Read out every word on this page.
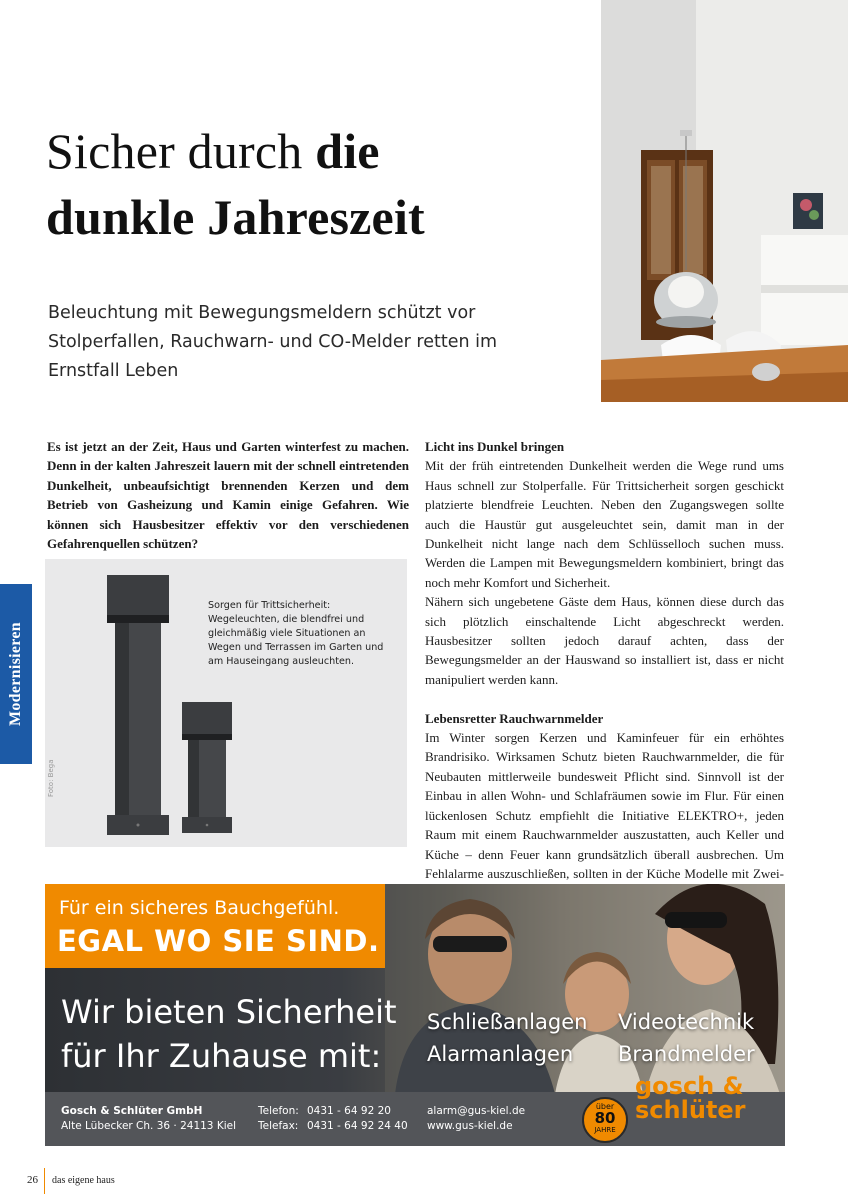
Sicher durch die
dunkle Jahreszeit
Beleuchtung mit Bewegungsmeldern schützt vor Stolperfallen, Rauchwarn- und CO-Melder retten im Ernstfall Leben
Es ist jetzt an der Zeit, Haus und Garten winterfest zu machen. Denn in der kalten Jahreszeit lauern mit der schnell eintretenden Dunkelheit, unbeaufsichtigt brennenden Kerzen und dem Betrieb von Gasheizung und Kamin einige Gefahren. Wie können sich Hausbesitzer effektiv vor den verschiedenen Gefahrenquellen schützen?
Modernisieren
Sorgen für Trittsicherheit: Wegeleuchten, die blendfrei und gleichmäßig viele Situationen an Wegen und Terrassen im Garten und am Hauseingang ausleuchten.
Foto: Bega
Licht ins Dunkel bringen

Mit der früh eintretenden Dunkelheit werden die Wege rund ums Haus schnell zur Stolperfalle. Für Trittsicherheit sorgen geschickt platzierte blendfreie Leuchten. Neben den Zugangswegen sollte auch die Haustür gut ausgeleuchtet sein, damit man in der Dunkelheit nicht lange nach dem Schlüsselloch suchen muss. Werden die Lampen mit Bewegungsmeldern kombiniert, bringt das noch mehr Komfort und Sicherheit.

Nähern sich ungebetene Gäste dem Haus, können diese durch das sich plötzlich einschaltende Licht abgeschreckt werden. Hausbesitzer sollten jedoch darauf achten, dass der Bewegungsmelder an der Hauswand so installiert ist, dass er nicht manipuliert werden kann.

Lebensretter Rauchwarnmelder

Im Winter sorgen Kerzen und Kaminfeuer für ein erhöhtes Brandrisiko. Wirksamen Schutz bieten Rauchwarnmelder, die für Neubauten mittlerweile bundesweit Pflicht sind. Sinnvoll ist der Einbau in allen Wohn- und Schlafräumen sowie im Flur. Für einen lückenlosen Schutz empfiehlt die Initiative ELEKTRO+, jeden Raum mit einem Rauchwarnmelder auszustatten, auch Keller und Küche – denn Feuer kann grundsätzlich überall ausbrechen. Um Fehlalarme auszuschließen, sollten in der Küche Modelle mit Zwei-

Für ein sicheres Bauchgefühl.
EGAL WO SIE SIND.
Wir bieten Sicherheit
für Ihr Zuhause mit:
Schließanlagen Videotechnik
Alarmanlagen Brandmelder
Gosch & Schlüter GmbH
Alte Lübecker Ch. 36 · 24113 Kiel
Telefon:
Telefax:
0431 - 64 92 20
0431 - 64 92 24 40
alarm@gus-kiel.de
www.gus-kiel.de
über
80
JAHRE
gosch &
schlüter
26 das eigene haus
